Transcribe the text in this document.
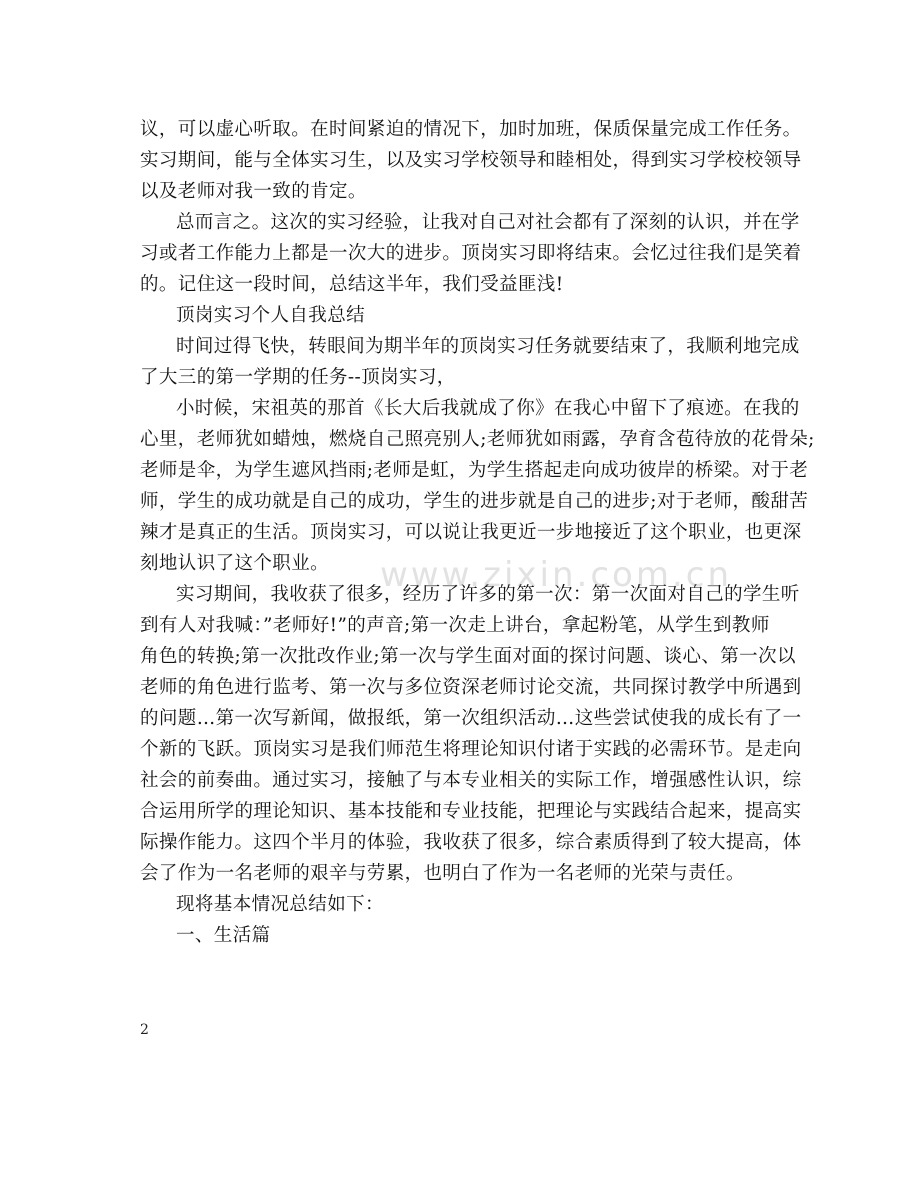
议，可以虚心听取。在时间紧迫的情况下，加时加班，保质保量完成工作任务。
实习期间，能与全体实习生，以及实习学校领导和睦相处，得到实习学校校领导
以及老师对我一致的肯定。
总而言之。这次的实习经验，让我对自己对社会都有了深刻的认识，并在学
习或者工作能力上都是一次大的进步。顶岗实习即将结束。会忆过往我们是笑着
的。记住这一段时间，总结这半年，我们受益匪浅!
顶岗实习个人自我总结
时间过得飞快，转眼间为期半年的顶岗实习任务就要结束了，我顺利地完成
了大三的第一学期的任务--顶岗实习，
小时候，宋祖英的那首《长大后我就成了你》在我心中留下了痕迹。在我的
心里，老师犹如蜡烛，燃烧自己照亮别人;老师犹如雨露，孕育含苞待放的花骨朵;
老师是伞，为学生遮风挡雨;老师是虹，为学生搭起走向成功彼岸的桥梁。对于老
师，学生的成功就是自己的成功，学生的进步就是自己的进步;对于老师，酸甜苦
辣才是真正的生活。顶岗实习，可以说让我更近一步地接近了这个职业，也更深
刻地认识了这个职业。
实习期间，我收获了很多，经历了许多的第一次：第一次面对自己的学生听
到有人对我喊：”老师好!”的声音;第一次走上讲台，拿起粉笔，从学生到教师
角色的转换;第一次批改作业;第一次与学生面对面的探讨问题、谈心、第一次以
老师的角色进行监考、第一次与多位资深老师讨论交流，共同探讨教学中所遇到
的问题…第一次写新闻，做报纸，第一次组织活动…这些尝试使我的成长有了一
个新的飞跃。顶岗实习是我们师范生将理论知识付诸于实践的必需环节。是走向
社会的前奏曲。通过实习，接触了与本专业相关的实际工作，增强感性认识，综
合运用所学的理论知识、基本技能和专业技能，把理论与实践结合起来，提高实
际操作能力。这四个半月的体验，我收获了很多，综合素质得到了较大提高，体
会了作为一名老师的艰辛与劳累，也明白了作为一名老师的光荣与责任。
现将基本情况总结如下：
一、生活篇
www.zixin.com.cn
2
